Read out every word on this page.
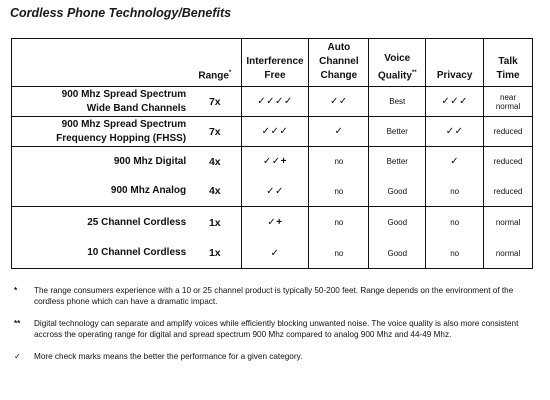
Cordless Phone Technology/Benefits
	Range*	Interference
Free	Auto
Channel
Change	Voice
Quality**	Privacy	Talk
Time
900 Mhz Spread Spectrum
Wide Band Channels	7x	✓✓✓✓	✓✓	Best	✓✓✓	near normal
900 Mhz Spread Spectrum
Frequency Hopping (FHSS)	7x	✓✓✓	✓	Better	✓✓	reduced
900 Mhz Digital	4x	✓✓+	no	Better	✓	reduced
900 Mhz Analog	4x	✓✓	no	Good	no	reduced
25 Channel Cordless	1x	✓+	no	Good	no	normal
10 Channel Cordless	1x	✓	no	Good	no	normal
* The range consumers experience with a 10 or 25 channel product is typically 50-200 feet. Range depends on the environment of the cordless phone which can have a dramatic impact.
** Digital technology can separate and amplify voices while efficiently blocking unwanted noise. The voice quality is also more consistent accross the operating range for digital and spread spectrum 900 Mhz compared to analog 900 Mhz and 44-49 Mhz.
✓ More check marks means the better the performance for a given category.
